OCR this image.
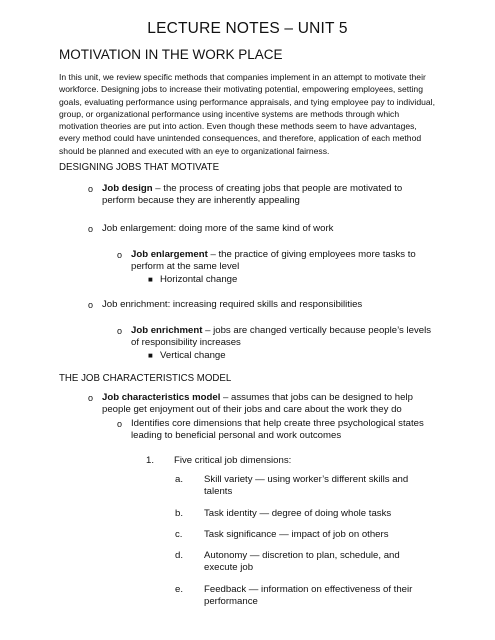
LECTURE NOTES – UNIT 5
MOTIVATION IN THE WORK PLACE
In this unit, we review specific methods that companies implement in an attempt to motivate their workforce. Designing jobs to increase their motivating potential, empowering employees, setting goals, evaluating performance using performance appraisals, and tying employee pay to individual, group, or organizational performance using incentive systems are methods through which motivation theories are put into action. Even though these methods seem to have advantages, every method could have unintended consequences, and therefore, application of each method should be planned and executed with an eye to organizational fairness.
DESIGNING JOBS THAT MOTIVATE
o Job design – the process of creating jobs that people are motivated to perform because they are inherently appealing
o Job enlargement: doing more of the same kind of work
o Job enlargement – the practice of giving employees more tasks to perform at the same level
■ Horizontal change
o Job enrichment: increasing required skills and responsibilities
o Job enrichment – jobs are changed vertically because people’s levels of responsibility increases
■ Vertical change
THE JOB CHARACTERISTICS MODEL
o Job characteristics model – assumes that jobs can be designed to help people get enjoyment out of their jobs and care about the work they do
o Identifies core dimensions that help create three psychological states leading to beneficial personal and work outcomes
1. Five critical job dimensions:
a. Skill variety — using worker’s different skills and talents
b. Task identity — degree of doing whole tasks
c. Task significance — impact of job on others
d. Autonomy — discretion to plan, schedule, and execute job
e. Feedback — information on effectiveness of their performance
